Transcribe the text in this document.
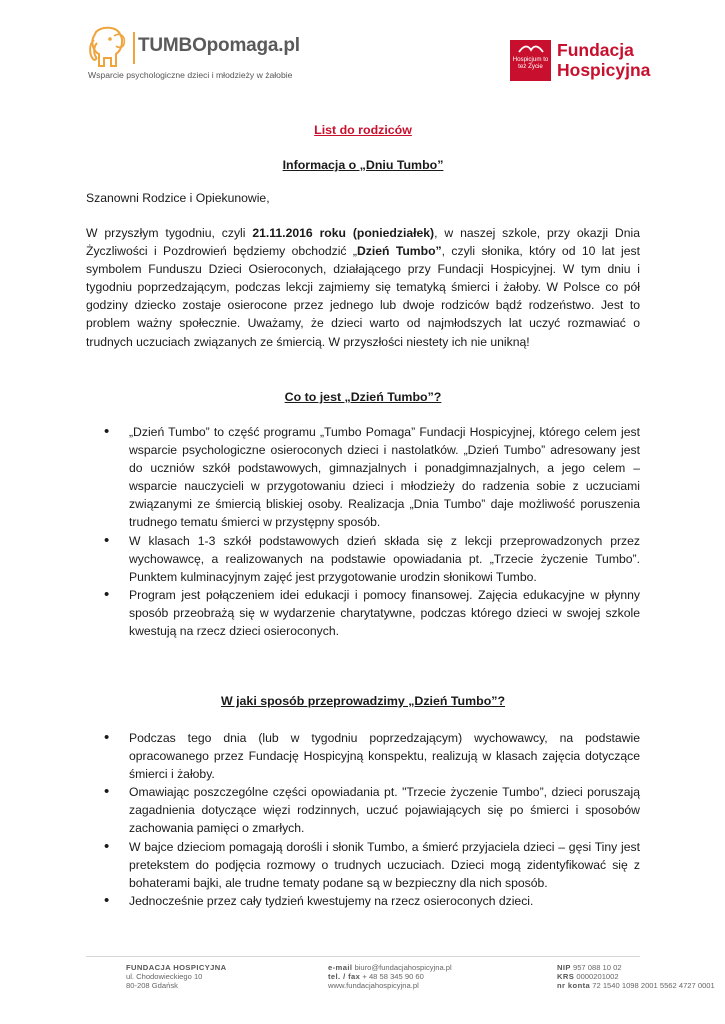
TUMBOpomaga.pl
Wsparcie psychologiczne dzieci i młodzieży w żałobie
Hospicjum to też Życie
Fundacja
Hospicyjna
List do rodziców
Informacja o „Dniu Tumbo”
Szanowni Rodzice i Opiekunowie,
W przyszłym tygodniu, czyli 21.11.2016 roku (poniedziałek), w naszej szkole, przy okazji Dnia Życzliwości i Pozdrowień będziemy obchodzić „Dzień Tumbo”, czyli słonika, który od 10 lat jest symbolem Funduszu Dzieci Osieroconych, działającego przy Fundacji Hospicyjnej. W tym dniu i tygodniu poprzedzającym, podczas lekcji zajmiemy się tematyką śmierci i żałoby. W Polsce co pół godziny dziecko zostaje osierocone przez jednego lub dwoje rodziców bądź rodzeństwo. Jest to problem ważny społecznie. Uważamy, że dzieci warto od najmłodszych lat uczyć rozmawiać o trudnych uczuciach związanych ze śmiercią. W przyszłości niestety ich nie unikną!
Co to jest „Dzień Tumbo”?
• „Dzień Tumbo” to część programu „Tumbo Pomaga” Fundacji Hospicyjnej, którego celem jest wsparcie psychologiczne osieroconych dzieci i nastolatków. „Dzień Tumbo” adresowany jest do uczniów szkół podstawowych, gimnazjalnych i ponadgimnazjalnych, a jego celem – wsparcie nauczycieli w przygotowaniu dzieci i młodzieży do radzenia sobie z uczuciami związanymi ze śmiercią bliskiej osoby. Realizacja „Dnia Tumbo” daje możliwość poruszenia trudnego tematu śmierci w przystępny sposób.
• W klasach 1-3 szkół podstawowych dzień składa się z lekcji przeprowadzonych przez wychowawcę, a realizowanych na podstawie opowiadania pt. „Trzecie życzenie Tumbo”. Punktem kulminacyjnym zajęć jest przygotowanie urodzin słonikowi Tumbo.
• Program jest połączeniem idei edukacji i pomocy finansowej. Zajęcia edukacyjne w płynny sposób przeobrażą się w wydarzenie charytatywne, podczas którego dzieci w swojej szkole kwestują na rzecz dzieci osieroconych.
W jaki sposób przeprowadzimy „Dzień Tumbo”?
• Podczas tego dnia (lub w tygodniu poprzedzającym) wychowawcy, na podstawie opracowanego przez Fundację Hospicyjną konspektu, realizują w klasach zajęcia dotyczące śmierci i żałoby.
• Omawiając poszczególne części opowiadania pt. "Trzecie życzenie Tumbo”, dzieci poruszają zagadnienia dotyczące więzi rodzinnych, uczuć pojawiających się po śmierci i sposobów zachowania pamięci o zmarłych.
• W bajce dzieciom pomagają dorośli i słonik Tumbo, a śmierć przyjaciela dzieci – gęsi Tiny jest pretekstem do podjęcia rozmowy o trudnych uczuciach. Dzieci mogą zidentyfikować się z bohaterami bajki, ale trudne tematy podane są w bezpieczny dla nich sposób.
• Jednocześnie przez cały tydzień kwestujemy na rzecz osieroconych dzieci.
FUNDACJA HOSPICYJNA
ul. Chodowieckiego 10
80-208 Gdańsk
e-mail biuro@fundacjahospicyjna.pl
tel. / fax + 48 58 345 90 60
www.fundacjahospicyjna.pl
NIP 957 088 10 02
KRS 0000201002
nr konta 72 1540 1098 2001 5562 4727 0001
